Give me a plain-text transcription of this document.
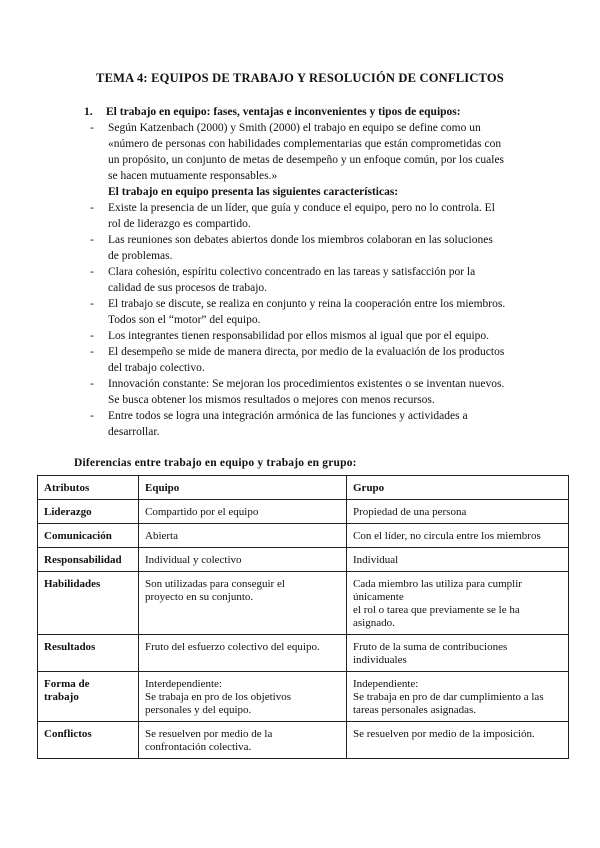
TEMA 4: EQUIPOS DE TRABAJO Y RESOLUCIÓN DE CONFLICTOS
1. El trabajo en equipo: fases, ventajas e inconvenientes y tipos de equipos:
- Según Katzenbach (2000) y Smith (2000) el trabajo en equipo se define como un
«número de personas con habilidades complementarias que están comprometidas con
un propósito, un conjunto de metas de desempeño y un enfoque común, por los cuales
se hacen mutuamente responsables.»
El trabajo en equipo presenta las siguientes características:
- Existe la presencia de un líder, que guía y conduce el equipo, pero no lo controla. El
rol de liderazgo es compartido.
- Las reuniones son debates abiertos donde los miembros colaboran en las soluciones
de problemas.
- Clara cohesión, espíritu colectivo concentrado en las tareas y satisfacción por la
calidad de sus procesos de trabajo.
- El trabajo se discute, se realiza en conjunto y reina la cooperación entre los miembros.
Todos son el “motor” del equipo.
- Los integrantes tienen responsabilidad por ellos mismos al igual que por el equipo.
- El desempeño se mide de manera directa, por medio de la evaluación de los productos
del trabajo colectivo.
- Innovación constante: Se mejoran los procedimientos existentes o se inventan nuevos.
Se busca obtener los mismos resultados o mejores con menos recursos.
- Entre todos se logra una integración armónica de las funciones y actividades a
desarrollar.
Diferencias entre trabajo en equipo y trabajo en grupo:
Atributos	Equipo	Grupo

Liderazgo	Compartido por el equipo	Propiedad de una persona

Comunicación	Abierta	Con el líder, no circula entre los miembros

Responsabilidad	Individual y colectivo	Individual

Habilidades	Son utilizadas para conseguir el
proyecto en su conjunto.	Cada miembro las utiliza para cumplir
únicamente
el rol o tarea que previamente se le ha
asignado.

Resultados	Fruto del esfuerzo colectivo del equipo.	Fruto de la suma de contribuciones
individuales

Forma de
trabajo	Interdependiente:
Se trabaja en pro de los objetivos
personales y del equipo.	Independiente:
Se trabaja en pro de dar cumplimiento a las
tareas personales asignadas.

Conflictos	Se resuelven por medio de la
confrontación colectiva.	Se resuelven por medio de la imposición.
